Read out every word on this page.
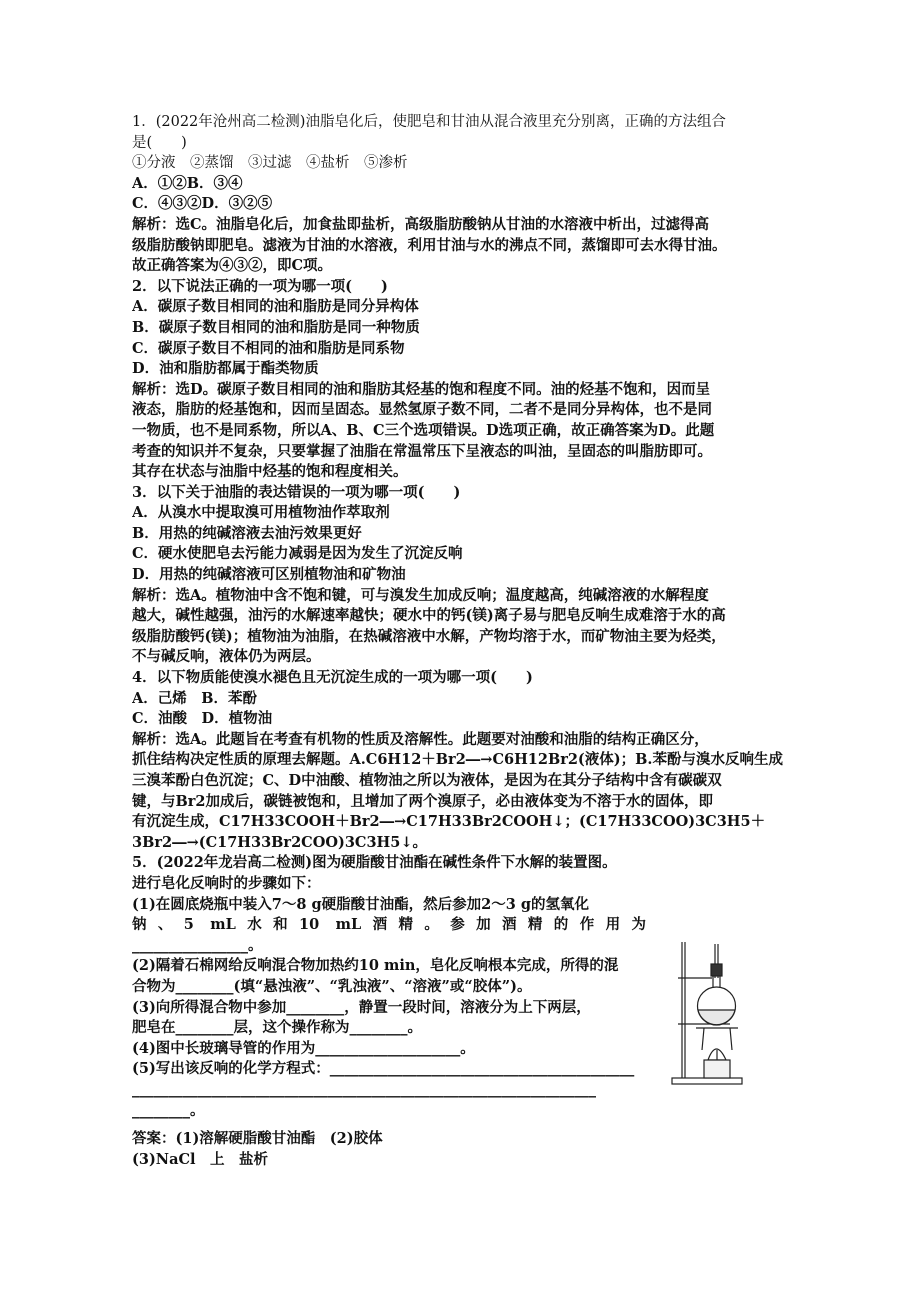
1．(2022年沧州高二检测)油脂皂化后，使肥皂和甘油从混合液里充分别离，正确的方法组合
是(　　)
①分液　②蒸馏　③过滤　④盐析　⑤渗析
A．①②B．③④
C．④③②D．③②⑤
解析：选C。油脂皂化后，加食盐即盐析，高级脂肪酸钠从甘油的水溶液中析出，过滤得高
级脂肪酸钠即肥皂。滤液为甘油的水溶液，利用甘油与水的沸点不同，蒸馏即可去水得甘油。
故正确答案为④③②，即C项。
2．以下说法正确的一项为哪一项(　　)
A．碳原子数目相同的油和脂肪是同分异构体
B．碳原子数目相同的油和脂肪是同一种物质
C．碳原子数目不相同的油和脂肪是同系物
D．油和脂肪都属于酯类物质
解析：选D。碳原子数目相同的油和脂肪其烃基的饱和程度不同。油的烃基不饱和，因而呈
液态，脂肪的烃基饱和，因而呈固态。显然氢原子数不同，二者不是同分异构体，也不是同
一物质，也不是同系物，所以A、B、C三个选项错误。D选项正确，故正确答案为D。此题
考查的知识并不复杂，只要掌握了油脂在常温常压下呈液态的叫油，呈固态的叫脂肪即可。
其存在状态与油脂中烃基的饱和程度相关。
3．以下关于油脂的表达错误的一项为哪一项(　　)
A．从溴水中提取溴可用植物油作萃取剂
B．用热的纯碱溶液去油污效果更好
C．硬水使肥皂去污能力减弱是因为发生了沉淀反响
D．用热的纯碱溶液可区别植物油和矿物油
解析：选A。植物油中含不饱和键，可与溴发生加成反响；温度越高，纯碱溶液的水解程度
越大，碱性越强，油污的水解速率越快；硬水中的钙(镁)离子易与肥皂反响生成难溶于水的高
级脂肪酸钙(镁)；植物油为油脂，在热碱溶液中水解，产物均溶于水，而矿物油主要为烃类，
不与碱反响，液体仍为两层。
4．以下物质能使溴水褪色且无沉淀生成的一项为哪一项(　　)
A．己烯　B．苯酚
C．油酸　D．植物油
解析：选A。此题旨在考查有机物的性质及溶解性。此题要对油酸和油脂的结构正确区分，
抓住结构决定性质的原理去解题。A.C6H12＋Br2―→C6H12Br2(液体)；B.苯酚与溴水反响生成
三溴苯酚白色沉淀；C、D中油酸、植物油之所以为液体，是因为在其分子结构中含有碳碳双
键，与Br2加成后，碳链被饱和，且增加了两个溴原子，必由液体变为不溶于水的固体，即
有沉淀生成，C17H33COOH＋Br2―→C17H33Br2COOH↓；(C17H33COO)3C3H5＋
3Br2―→(C17H33Br2COO)3C3H5↓。
5．(2022年龙岩高二检测)图为硬脂酸甘油酯在碱性条件下水解的装置图。
进行皂化反响时的步骤如下：
(1)在圆底烧瓶中装入7～8 g硬脂酸甘油酯，然后参加2～3 g的氢氧化
钠、5 mL水和10 mL酒精。参加酒精的作用为
________________。
(2)隔着石棉网给反响混合物加热约10 min，皂化反响根本完成，所得的混
合物为________(填“悬浊液”、“乳浊液”、“溶液”或“胶体”)。
(3)向所得混合物中参加________，静置一段时间，溶液分为上下两层，
肥皂在________层，这个操作称为________。
(4)图中长玻璃导管的作用为____________________。
(5)写出该反响的化学方程式：__________________________________________
________________________________________________________________
________。
答案：(1)溶解硬脂酸甘油酯　(2)胶体
(3)NaCl　上　盐析
